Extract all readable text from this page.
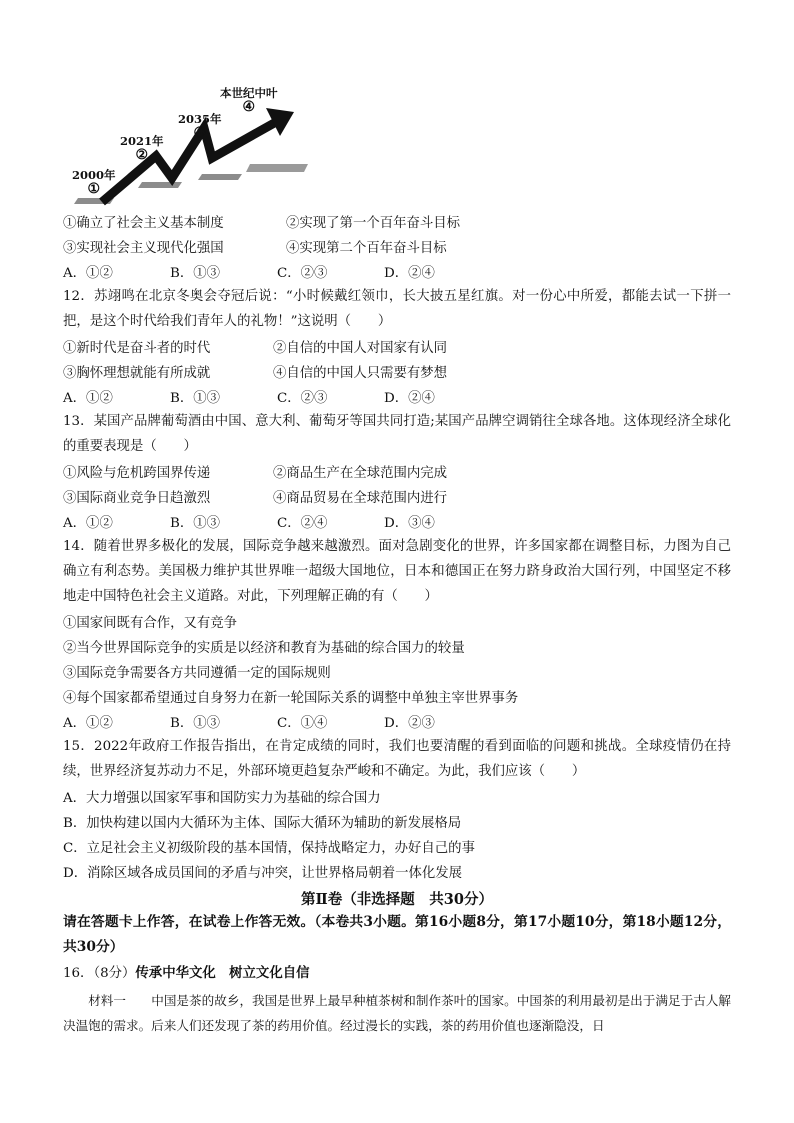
2000年
①
2021年
②
2035年
③
本世纪中叶
④
①确立了社会主义基本制度	②实现了第一个百年奋斗目标
③实现社会主义现代化强国	④实现第二个百年奋斗目标
A．①②	B．①③	C．②③	D．②④
12．苏翊鸣在北京冬奥会夺冠后说：“小时候戴红领巾，长大披五星红旗。对一份心中所爱，都能去试一下拼一把，是这个时代给我们青年人的礼物！”这说明（　　）
①新时代是奋斗者的时代	②自信的中国人对国家有认同
③胸怀理想就能有所成就	④自信的中国人只需要有梦想
A．①②	B．①③	C．②③	D．②④
13．某国产品牌葡萄酒由中国、意大利、葡萄牙等国共同打造;某国产品牌空调销往全球各地。这体现经济全球化的重要表现是（　　）
①风险与危机跨国界传递	②商品生产在全球范围内完成
③国际商业竞争日趋激烈	④商品贸易在全球范围内进行
A．①②	B．①③	C．②④	D．③④
14．随着世界多极化的发展，国际竞争越来越激烈。面对急剧变化的世界，许多国家都在调整目标，力图为自己确立有利态势。美国极力维护其世界唯一超级大国地位，日本和德国正在努力跻身政治大国行列，中国坚定不移地走中国特色社会主义道路。对此，下列理解正确的有（　　）
①国家间既有合作，又有竞争
②当今世界国际竞争的实质是以经济和教育为基础的综合国力的较量
③国际竞争需要各方共同遵循一定的国际规则
④每个国家都希望通过自身努力在新一轮国际关系的调整中单独主宰世界事务
A．①②	B．①③	C．①④	D．②③
15．2022年政府工作报告指出，在肯定成绩的同时，我们也要清醒的看到面临的问题和挑战。全球疫情仍在持续，世界经济复苏动力不足，外部环境更趋复杂严峻和不确定。为此，我们应该（　　）
A．大力增强以国家军事和国防实力为基础的综合国力
B．加快构建以国内大循环为主体、国际大循环为辅助的新发展格局
C．立足社会主义初级阶段的基本国情，保持战略定力，办好自己的事
D．消除区域各成员国间的矛盾与冲突，让世界格局朝着一体化发展
第Ⅱ卷（非选择题　共30分）
请在答题卡上作答，在试卷上作答无效。（本卷共3小题。第16小题8分，第17小题10分，第18小题12分，共30分）
16．（8分）传承中华文化　树立文化自信
材料一　　中国是茶的故乡，我国是世界上最早种植茶树和制作茶叶的国家。中国茶的利用最初是出于满足于古人解决温饱的需求。后来人们还发现了茶的药用价值。经过漫长的实践，茶的药用价值也逐渐隐没，日
